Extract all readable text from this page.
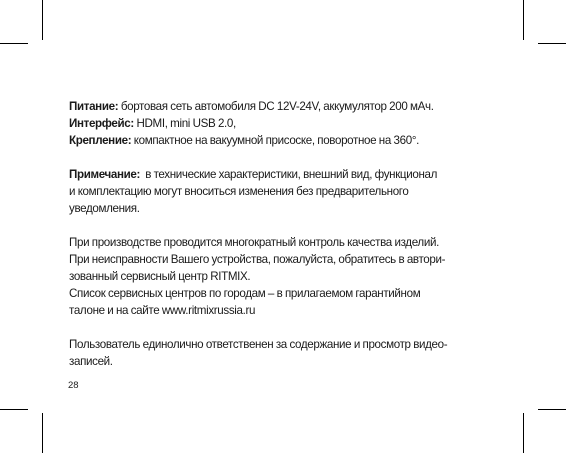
Питание: бортовая сеть автомобиля DC 12V-24V, аккумулятор 200 мАч.

Интерфейс: HDMI, mini USB 2.0,

Крепление: компактное на вакуумной присоске, поворотное на 360°.

Примечание: в технические характеристики, внешний вид, функционал

и комплектацию могут вноситься изменения без предварительного

уведомления.

При производстве проводится многократный контроль качества изделий.

При неисправности Вашего устройства, пожалуйста, обратитесь в автори-

зованный сервисный центр RITMIX.

Список сервисных центров по городам – в прилагаемом гарантийном

талоне и на сайте www.ritmixrussia.ru

Пользователь единолично ответственен за содержание и просмотр видео-

записей.

28
